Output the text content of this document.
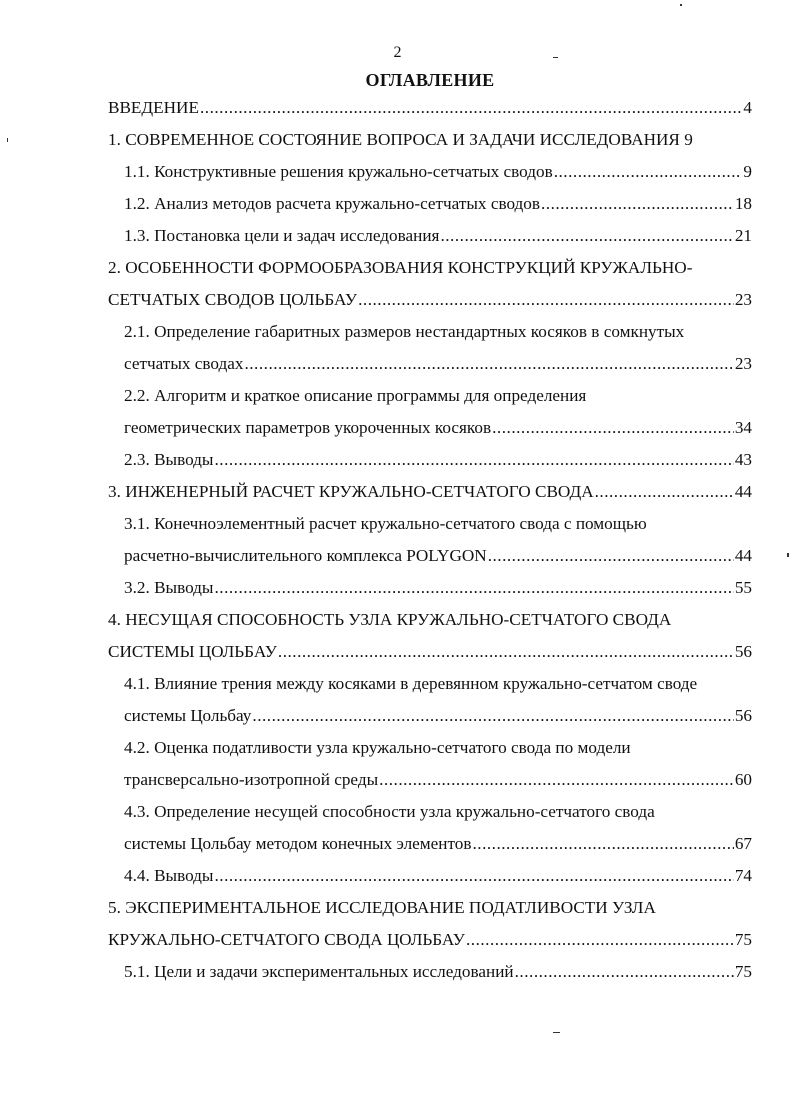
2
ОГЛАВЛЕНИЕ
ВВЕДЕНИЕ .....	4
1. СОВРЕМЕННОЕ СОСТОЯНИЕ ВОПРОСА И ЗАДАЧИ ИССЛЕДОВАНИЯ 9
1.1. Конструктивные решения кружально-сетчатых сводов .....	9
1.2. Анализ методов расчета кружально-сетчатых сводов .....	18
1.3. Постановка цели и задач исследования .....	21
2. ОСОБЕННОСТИ ФОРМООБРАЗОВАНИЯ КОНСТРУКЦИЙ КРУЖАЛЬНО-
СЕТЧАТЫХ СВОДОВ ЦОЛЬБАУ .....	23
2.1. Определение габаритных размеров нестандартных косяков в сомкнутых
сетчатых сводах .....	23
2.2. Алгоритм и краткое описание программы для определения
геометрических параметров укороченных косяков .....	34
2.3. Выводы .....	43
3. ИНЖЕНЕРНЫЙ РАСЧЕТ КРУЖАЛЬНО-СЕТЧАТОГО СВОДА .....	44
3.1. Конечноэлементный расчет кружально-сетчатого свода с помощью
расчетно-вычислительного комплекса POLYGON .....	44
3.2. Выводы .....	55
4. НЕСУЩАЯ СПОСОБНОСТЬ УЗЛА КРУЖАЛЬНО-СЕТЧАТОГО СВОДА
СИСТЕМЫ ЦОЛЬБАУ .....	56
4.1. Влияние трения между косяками в деревянном кружально-сетчатом своде
системы Цольбау .....	56
4.2. Оценка податливости узла кружально-сетчатого свода по модели
трансверсально-изотропной среды .....	60
4.3. Определение несущей способности узла кружально-сетчатого свода
системы Цольбау методом конечных элементов .....	67
4.4. Выводы .....	74
5. ЭКСПЕРИМЕНТАЛЬНОЕ ИССЛЕДОВАНИЕ ПОДАТЛИВОСТИ УЗЛА
КРУЖАЛЬНО-СЕТЧАТОГО СВОДА ЦОЛЬБАУ .....	75
5.1. Цели и задачи экспериментальных исследований .....	75
